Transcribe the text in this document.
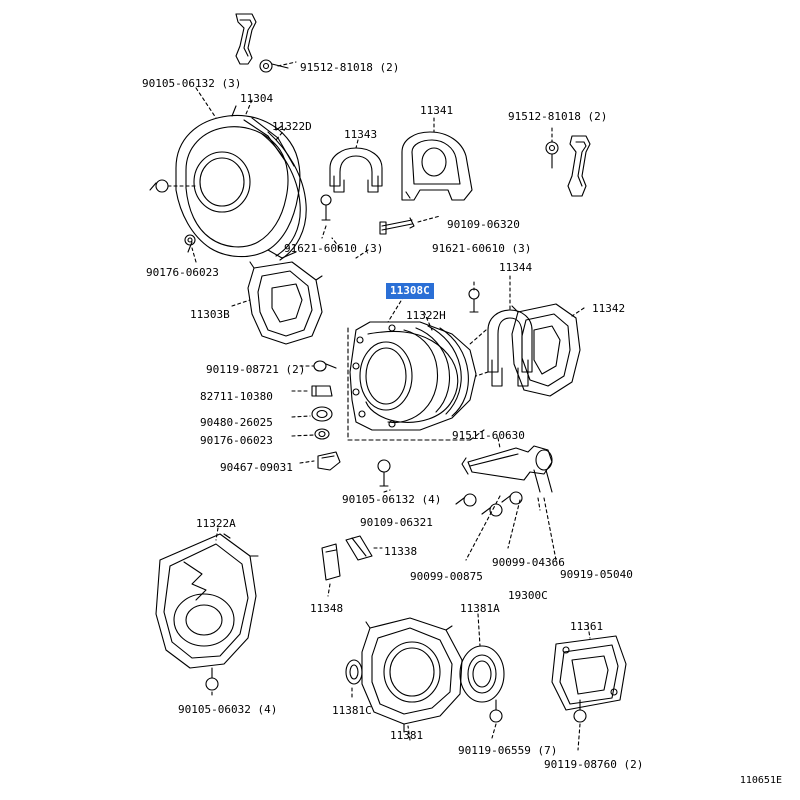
90105-06132 (3)
91512-81018 (2)
11304
11322D
11343
11341	91512-81018 (2)
90109-06320
91621-60610 (3)	91621-60610 (3)
11344
90176-06023
11308C
11342
11303B	11322H
90119-08721 (2)
82711-10380
90480-26025
90176-06023	91511-60630
90467-09031
90105-06132 (4)
90109-06321
11322A
11338
90099-04366
90099-00875	90919-05040
19300C
11348	11381A
11361
11381C
11381
90105-06032 (4)
90119-06559 (7)
90119-08760 (2)
110651E
